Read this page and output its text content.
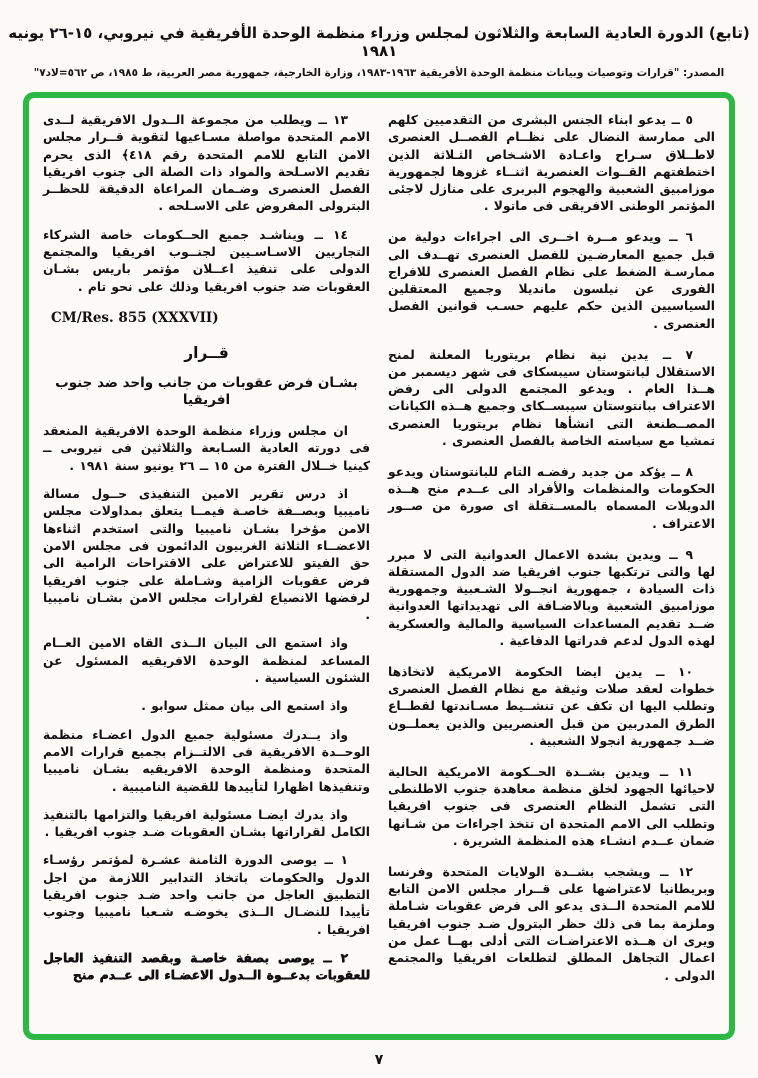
(تابع) الدورة العادية السابعة والثلاثون لمجلس وزراء منظمة الوحدة الأفريقية في نيروبي، ١٥-٢٦ يونيه ١٩٨١
المصدر: "قرارات وتوصيات وبيانات منظمة الوحدة الأفريقية ١٩٦٣-١٩٨٣، وزارة الخارجية، جمهورية مصر العربية، ط ١٩٨٥، ص ٥٦٢=لاد٧"

٥ ــ يدعو ابناء الجنس البشرى من التقدميين كلهم الى ممارسة النضال على نظــام الفصــل العنصرى لاطــلاق سـراح واعـادة الاشـخاص الثـلاثة الذين اختطفتهم القــوات العنصرية اثنــاء غزوها لجمهورية موزامبيق الشعبية والهجوم البربرى على منازل لاجئى المؤتمر الوطنى الافريقى فى ماتولا .

٦ ــ ويدعو مــرة اخــرى الى اجراءات دولية من قبل جميع المعارضـين للفصل العنصرى تهــدف الى ممارسـة الضغط على نظام الفصل العنصرى للافراج الفورى عن نيلسون مانديلا وجميع المعتقلين السياسيين الذين حكم عليهم حسـب قوانين الفصل العنصرى .

٧ ــ يدين نية نظام بريتوريا المعلنة لمنح الاستقلال لبانتوستان سيبسكاى فى شهر ديسمبر من هــذا العام . ويدعو المجتمع الدولى الى رفض الاعتراف ببانتوستان سيبســكاى وجميع هــذه الكيانات المصــطنعة التى انشأها نظام بريتوريا العنصرى تمشيا مع سياسته الخاصة بالفصل العنصرى .

٨ ــ يؤكد من جديد رفضـه التام للبانتوستان ويدعو الحكومات والمنظمات والأفراد الى عــدم منح هــذه الدويلات المسماه بالمســتقلة اى صورة من صــور الاعتراف .

٩ ــ ويدين بشدة الاعمال العدوانية التى لا مبرر لها والتى ترتكبها جنوب افريقيا ضد الدول المستقلة ذات السيادة ، جمهورية انجــولا الشـعبية وجمهورية موزامبيق الشعبية وبالاضـافة الى تهديداتها العدوانية ضــد تقديم المساعدات السياسية والمالية والعسكرية لهذه الدول لدعم قدراتها الدفاعية .

١٠ ــ يدين ايضا الحكومة الامريكية لاتخاذها خطوات لعقد صلات وثيقة مع نظام الفصل العنصرى وتطلب اليها ان تكف عن تنشــيط مسـاندتها لقطــاع الطرق المدربين من قبل العنصريين والذين يعملــون ضــد جمهورية انجولا الشعبية .

١١ ــ ويدين بشــدة الحــكومة الامريكية الحالية لاحيائها الجهود لخلق منظمة معاهدة جنوب الاطلنطى التى تشمل النظام العنصرى فى جنوب افريقيا وتطلب الى الامم المتحدة ان تتخذ اجراءات من شـانها ضمان عــدم انشـاء هذه المنظمة الشريرة .

١٢ ــ ويشجب بشــدة الولايات المتحدة وفرنسا وبريطانيا لاعتراضها على قــرار مجلس الامن التابع للامم المتحدة الــذى يدعو الى فرض عقوبات شـاملة وملزمة بما فى ذلك حظر البترول ضـد جنوب افريقيا ويرى ان هــذه الاعتراضـات التى أدلى بهــا عمل من اعمال التجاهل المطلق لتطلعات افريقيا والمجتمع الدولى .

١٣ ــ ويطلب من مجموعة الــدول الافريقية لــدى الامم المتحدة مواصلة مسـاعيها لتقوية قــرار مجلس الامن التابع للامم المتحدة رقم ٤١٨﴾ الذى يحرم تقديم الاسـلحة والمواد ذات الصلة الى جنوب افريقيا الفصل العنصرى وضـمان المراعاة الدقيقة للحظــر البترولى المفروض على الاسـلحه .

١٤ ــ ويناشـد جميع الحــكومات خاصة الشركاء التجاريين الاسـاسـيين لجنــوب افريقيا والمجتمع الدولى على تنفيذ اعــلان مؤتمر باريس بشـان العقوبات ضد جنوب افريقيا وذلك على نحو تام .

CM/Res. 855 (XXXVII)
قــرار
بشـان فرض عقوبات من جانب واحد ضد جنوب افريقيا

ان مجلس وزراء منظمة الوحدة الافريقية المنعقد فى دورته العادية السـابعة والثلاثين فى نيروبى ــ كينيا خــلال الفترة من ١٥ ــ ٢٦ يونيو سنة ١٩٨١ .

اذ درس تقرير الامين التنفيذى حــول مسالة ناميبيا وبصــفة خاصـة فيمــا يتعلق بمداولات مجلس الامن مؤخرا بشـان ناميبيا والتى استخدم اثناءها الاعضــاء الثلاثة الغربيون الدائمون فى مجلس الامن حق الفيتو للاعتراض على الاقتراحات الرامية الى فرض عقوبات الزامية وشـاملة على جنوب افريقيا لرفضها الانصياع لقرارات مجلس الامن بشـان ناميبيا .

واذ استمع الى البيان الــذى القاه الامين العــام المساعد لمنظمة الوحدة الافريقيه المسئول عن الشئون السياسية .

واذ استمع الى بيان ممثل سوابو .

واذ يــدرك مسئولية جميع الدول اعضـاء منظمة الوحــدة الافريقية فى الالتــزام بجميع قرارات الامم المتحدة ومنظمة الوحدة الافريقيه بشـان ناميبيا وتنفيذها اظهارا لتأييدها للقضية الناميبية .

واذ يدرك ايضـا مسئولية افريقيا والتزامها بالتنفيذ الكامل لقراراتها بشـان العقوبات ضـد جنوب افريقيا .

١ ــ يوصى الدورة الثامنة عشـرة لمؤتمر رؤسـاء الدول والحكومات باتخاذ التدابير اللازمة من اجل التطبيق العاجل من جانب واحد ضـد جنوب افريقيا تأييدا للنضـال الــذى يخوضـه شـعبا ناميبيا وجنوب افريقيا .

٢ ــ يوصى بصفة خاصـة وبقصد التنفيذ العاجل للعقوبات بدعــوة الــدول الاعضـاء الى عــدم منح

٧
